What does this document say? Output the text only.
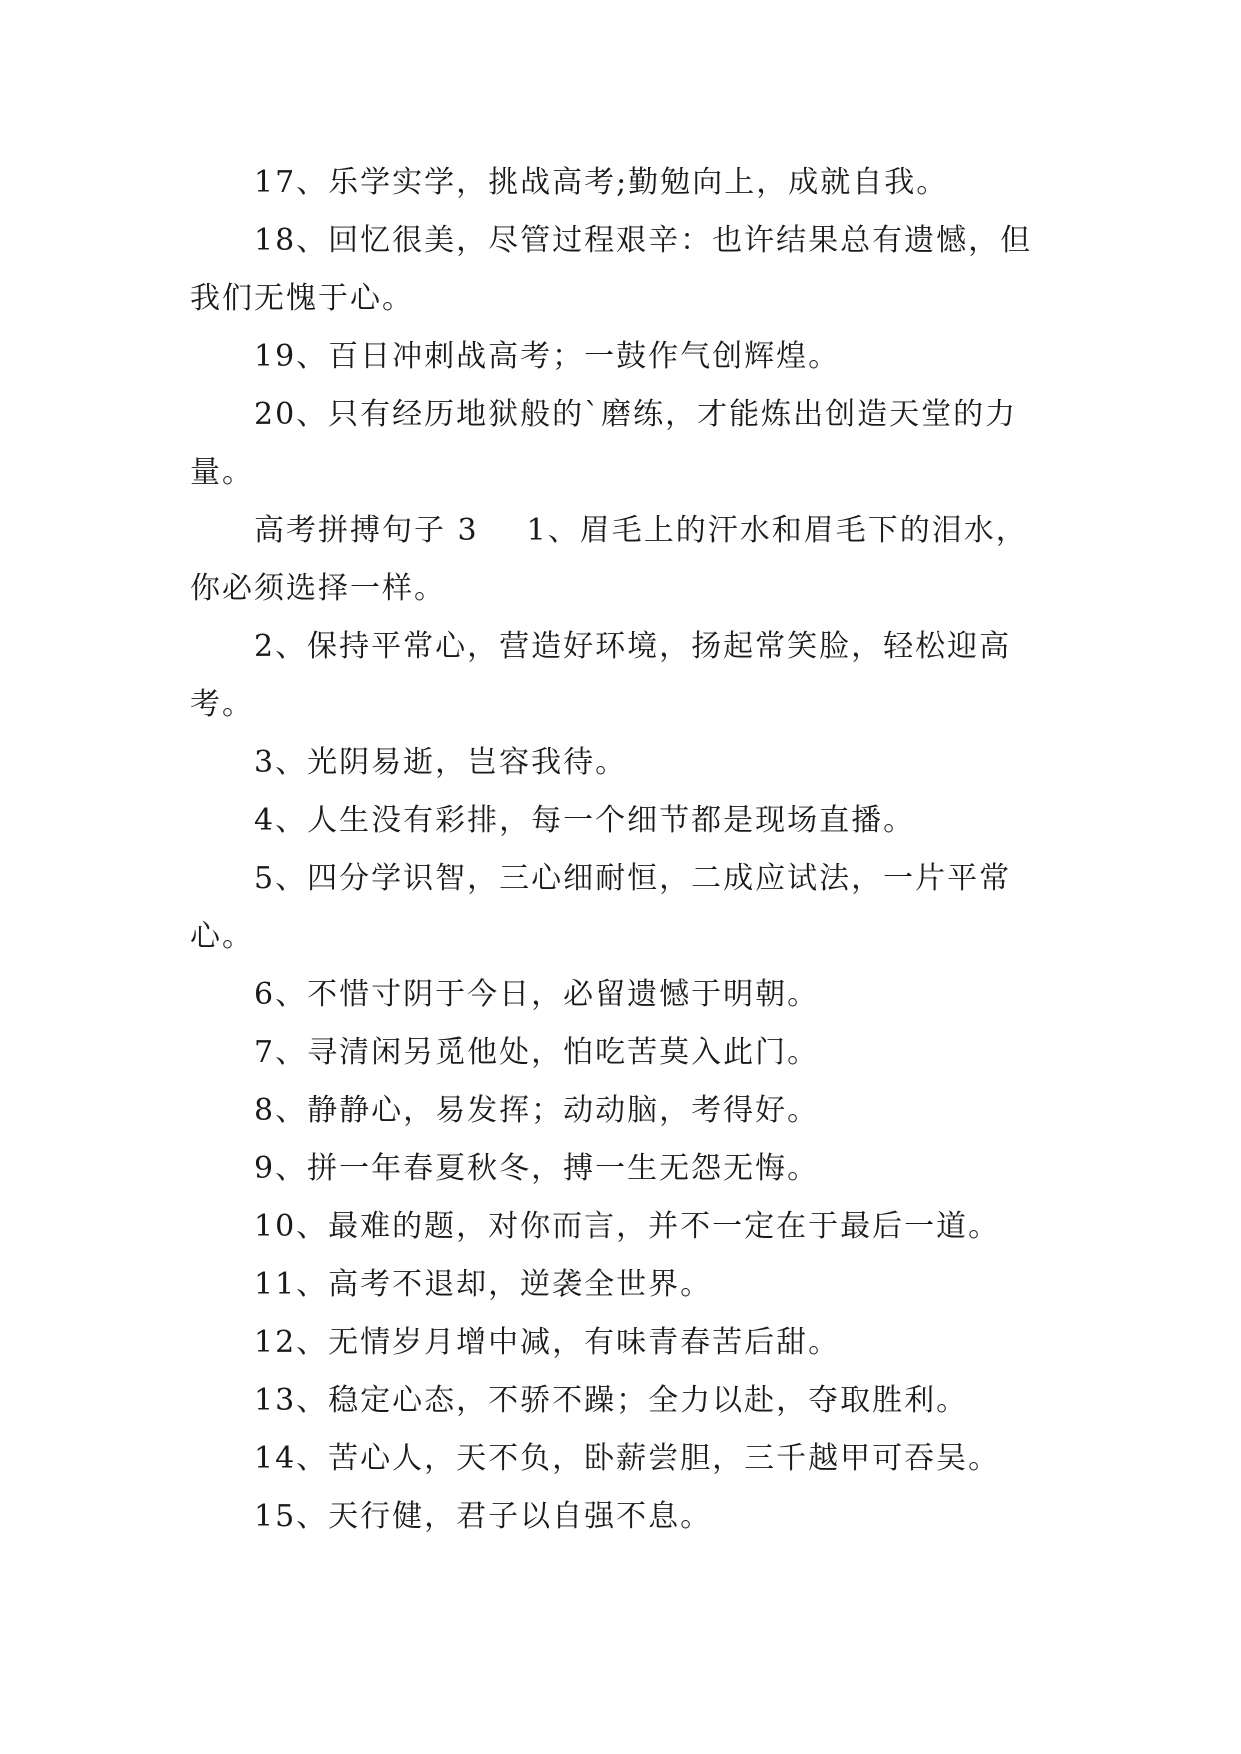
17、乐学实学，挑战高考;勤勉向上，成就自我。

18、回忆很美，尽管过程艰辛：也许结果总有遗憾，但我们无愧于心。

19、百日冲刺战高考；一鼓作气创辉煌。

20、只有经历地狱般的`磨练，才能炼出创造天堂的力量。

高考拼搏句子 3 1、眉毛上的汗水和眉毛下的泪水，你必须选择一样。

2、保持平常心，营造好环境，扬起常笑脸，轻松迎高考。

3、光阴易逝，岂容我待。

4、人生没有彩排，每一个细节都是现场直播。

5、四分学识智，三心细耐恒，二成应试法，一片平常心。

6、不惜寸阴于今日，必留遗憾于明朝。

7、寻清闲另觅他处，怕吃苦莫入此门。

8、静静心，易发挥；动动脑，考得好。

9、拼一年春夏秋冬，搏一生无怨无悔。

10、最难的题，对你而言，并不一定在于最后一道。

11、高考不退却，逆袭全世界。

12、无情岁月增中减，有味青春苦后甜。

13、稳定心态，不骄不躁；全力以赴，夺取胜利。

14、苦心人，天不负，卧薪尝胆，三千越甲可吞吴。

15、天行健，君子以自强不息。
